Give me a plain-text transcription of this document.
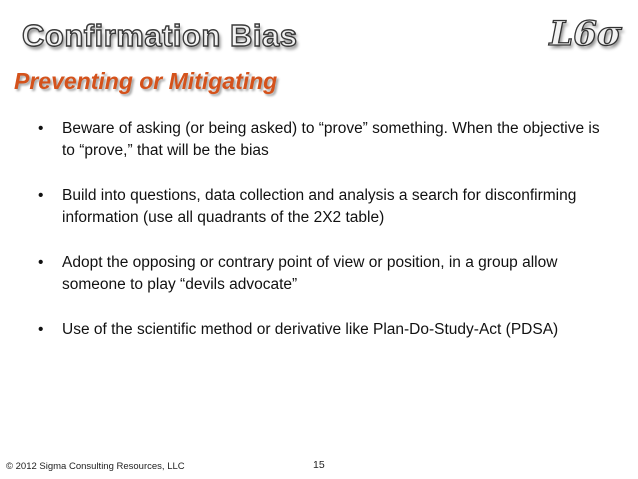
Confirmation Bias	L6σ
Preventing or Mitigating
• Beware of asking (or being asked) to “prove” something. When the objective is to “prove,” that will be the bias
• Build into questions, data collection and analysis a search for disconfirming information (use all quadrants of the 2X2 table)
• Adopt the opposing or contrary point of view or position, in a group allow someone to play “devils advocate”
• Use of the scientific method or derivative like Plan-Do-Study-Act (PDSA)
© 2012 Sigma Consulting Resources, LLC	15
